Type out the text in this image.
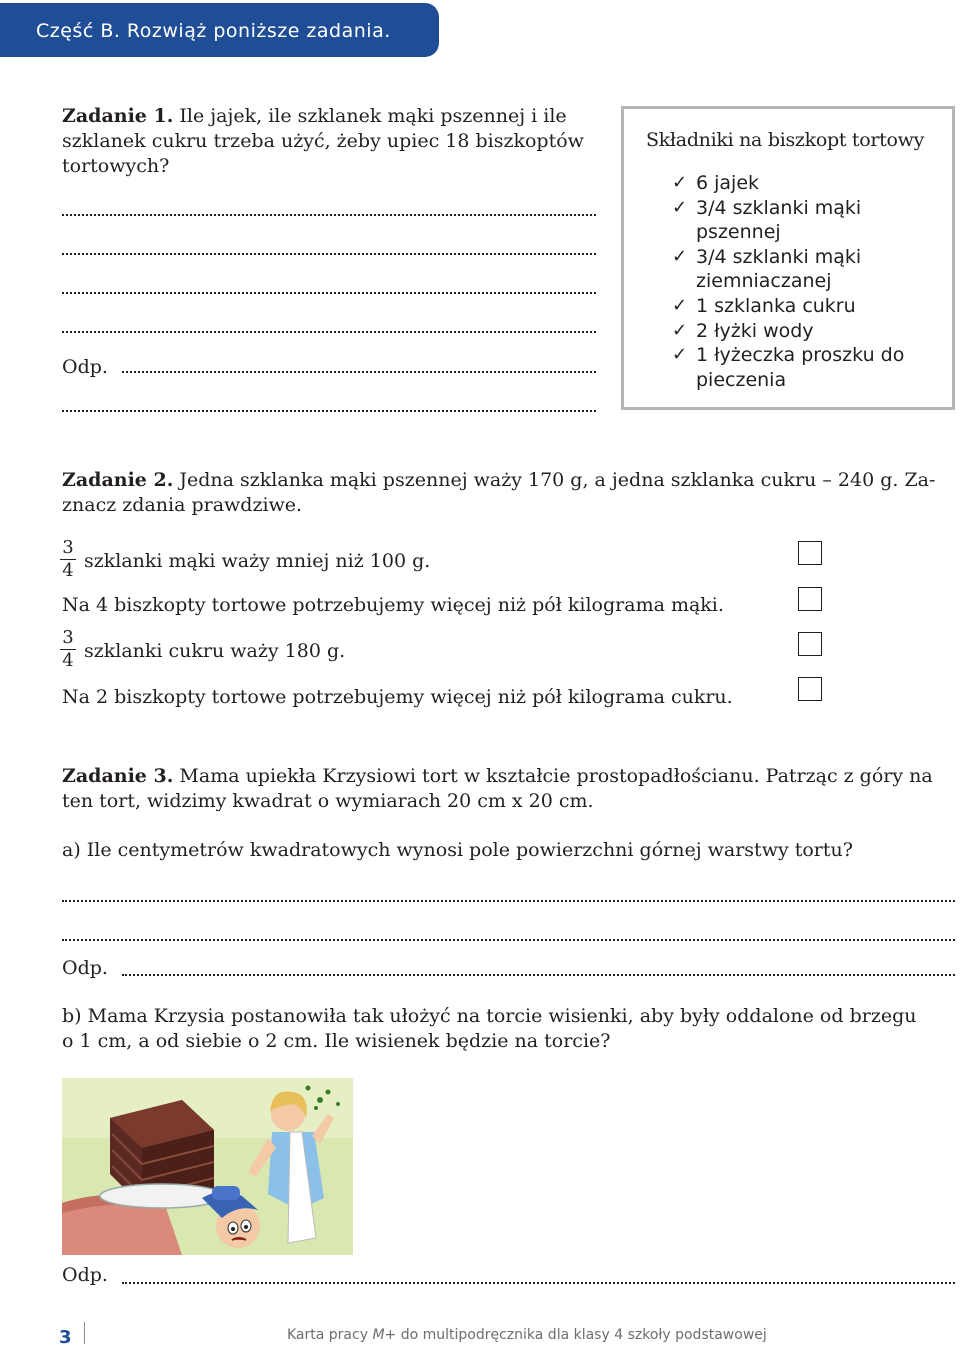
Część B. Rozwiąż poniższe zadania.
Zadanie 1. Ile jajek, ile szklanek mąki pszennej i ile
szklanek cukru trzeba użyć, żeby upiec 18 biszkoptów
tortowych?
Odp.
Składniki na biszkopt tortowy
✓ 6 jajek
✓ 3/4 szklanki mąki pszennej
✓ 3/4 szklanki mąki ziemniaczanej
✓ 1 szklanka cukru
✓ 2 łyżki wody
✓ 1 łyżeczka proszku do pieczenia
Zadanie 2. Jedna szklanka mąki pszennej waży 170 g, a jedna szklanka cukru – 240 g. Za-
znacz zdania prawdziwe.
$\frac{3}{4}$ szklanki mąki waży mniej niż 100 g.
Na 4 biszkopty tortowe potrzebujemy więcej niż pół kilograma mąki.
$\frac{3}{4}$ szklanki cukru waży 180 g.
Na 2 biszkopty tortowe potrzebujemy więcej niż pół kilograma cukru.
Zadanie 3. Mama upiekła Krzysiowi tort w kształcie prostopadłościanu. Patrząc z góry na
ten tort, widzimy kwadrat o wymiarach 20 cm x 20 cm.
a) Ile centymetrów kwadratowych wynosi pole powierzchni górnej warstwy tortu?
Odp.
b) Mama Krzysia postanowiła tak ułożyć na torcie wisienki, aby były oddalone od brzegu
o 1 cm, a od siebie o 2 cm. Ile wisienek będzie na torcie?
Odp.
3	Karta pracy M+ do multipodręcznika dla klasy 4 szkoły podstawowej
